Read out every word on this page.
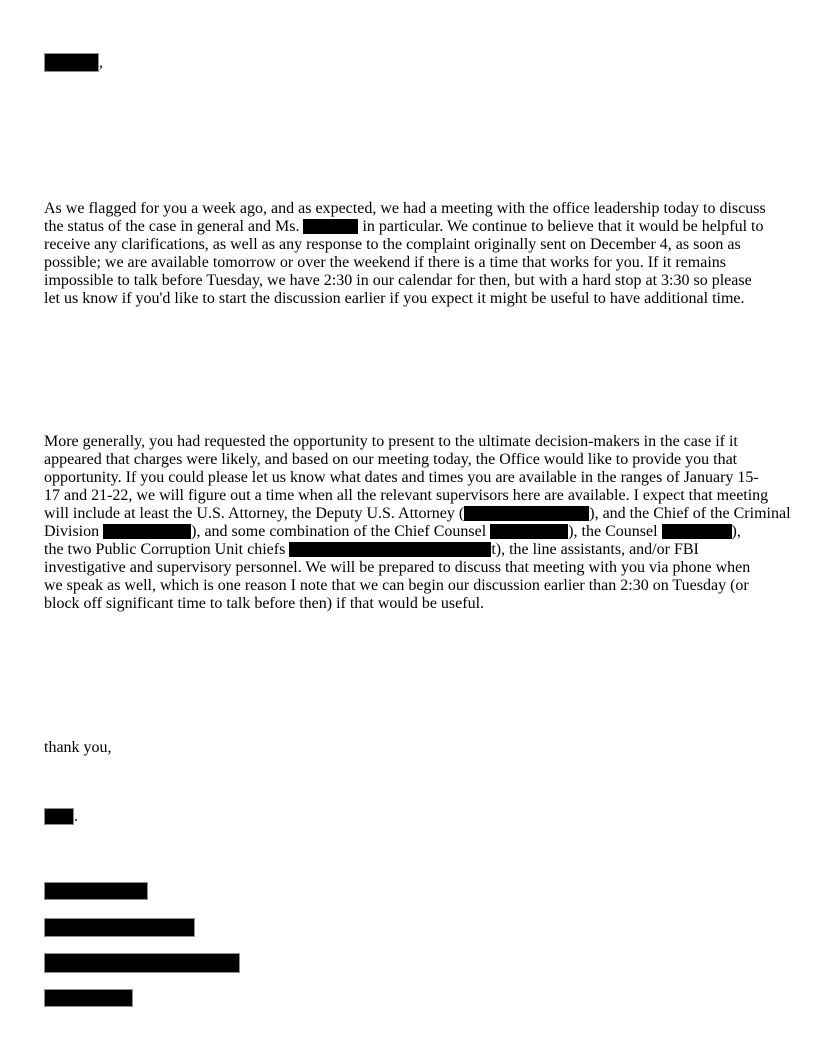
,
As we flagged for you a week ago, and as expected, we had a meeting with the office leadership today to discuss
the status of the case in general and Ms.	in particular. We continue to believe that it would be helpful to
receive any clarifications, as well as any response to the complaint originally sent on December 4, as soon as
possible; we are available tomorrow or over the weekend if there is a time that works for you. If it remains
impossible to talk before Tuesday, we have 2:30 in our calendar for then, but with a hard stop at 3:30 so please
let us know if you'd like to start the discussion earlier if you expect it might be useful to have additional time.
More generally, you had requested the opportunity to present to the ultimate decision-makers in the case if it
appeared that charges were likely, and based on our meeting today, the Office would like to provide you that
opportunity. If you could please let us know what dates and times you are available in the ranges of January 15-
17 and 21-22, we will figure out a time when all the relevant supervisors here are available. I expect that meeting
will include at least the U.S. Attorney, the Deputy U.S. Attorney (	), and the Chief of the Criminal
Division	), and some combination of the Chief Counsel	), the Counsel	),
the two Public Corruption Unit chiefs	t), the line assistants, and/or FBI
investigative and supervisory personnel. We will be prepared to discuss that meeting with you via phone when
we speak as well, which is one reason I note that we can begin our discussion earlier than 2:30 on Tuesday (or
block off significant time to talk before then) if that would be useful.
thank you,
.
